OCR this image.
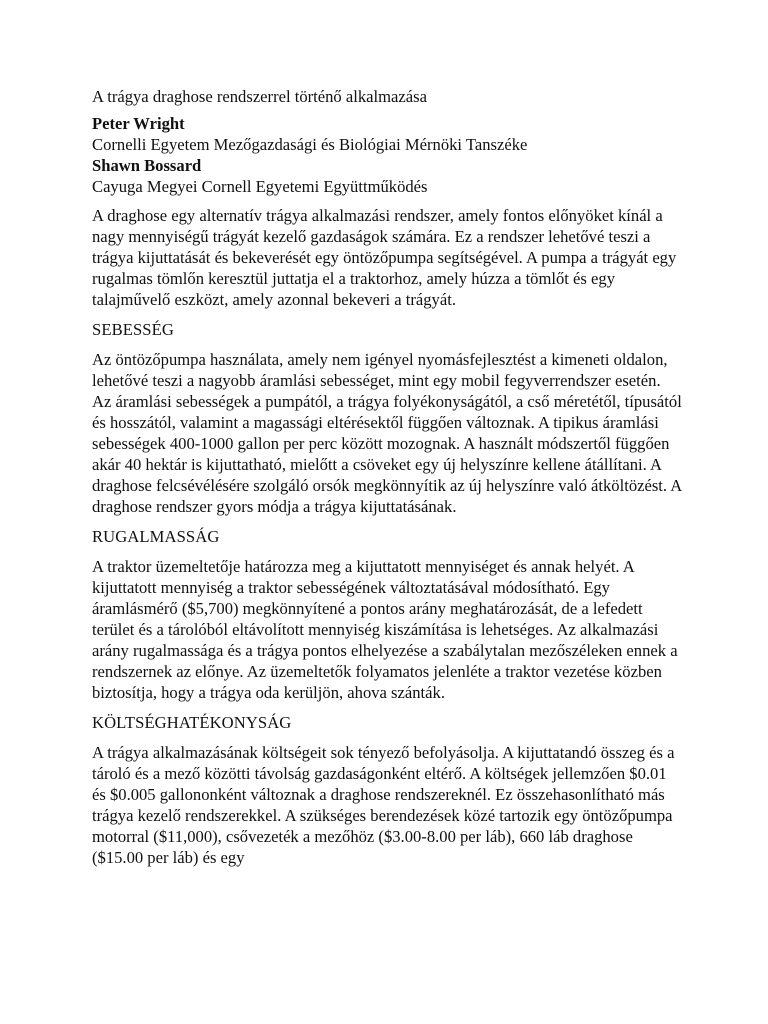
A trágya draghose rendszerrel történő alkalmazása
Peter Wright
Cornelli Egyetem Mezőgazdasági és Biológiai Mérnöki Tanszéke
Shawn Bossard
Cayuga Megyei Cornell Egyetemi Együttműködés

A draghose egy alternatív trágya alkalmazási rendszer, amely fontos előnyöket kínál a nagy mennyiségű trágyát kezelő gazdaságok számára. Ez a rendszer lehetővé teszi a trágya kijuttatását és bekeverését egy öntözőpumpa segítségével. A pumpa a trágyát egy rugalmas tömlőn keresztül juttatja el a traktorhoz, amely húzza a tömlőt és egy talajművelő eszközt, amely azonnal bekeveri a trágyát.

SEBESSÉG

Az öntözőpumpa használata, amely nem igényel nyomásfejlesztést a kimeneti oldalon, lehetővé teszi a nagyobb áramlási sebességet, mint egy mobil fegyverrendszer esetén. Az áramlási sebességek a pumpától, a trágya folyékonyságától, a cső méretétől, típusától és hosszától, valamint a magassági eltérésektől függően változnak. A tipikus áramlási sebességek 400-1000 gallon per perc között mozognak. A használt módszertől függően akár 40 hektár is kijuttatható, mielőtt a csöveket egy új helyszínre kellene átállítani. A draghose felcsévélésére szolgáló orsók megkönnyítik az új helyszínre való átköltözést. A draghose rendszer gyors módja a trágya kijuttatásának.

RUGALMASSÁG

A traktor üzemeltetője határozza meg a kijuttatott mennyiséget és annak helyét. A kijuttatott mennyiség a traktor sebességének változtatásával módosítható. Egy áramlásmérő ($5,700) megkönnyítené a pontos arány meghatározását, de a lefedett terület és a tárolóból eltávolított mennyiség kiszámítása is lehetséges. Az alkalmazási arány rugalmassága és a trágya pontos elhelyezése a szabálytalan mezőszéleken ennek a rendszernek az előnye. Az üzemeltetők folyamatos jelenléte a traktor vezetése közben biztosítja, hogy a trágya oda kerüljön, ahova szánták.

KÖLTSÉGHATÉKONYSÁG

A trágya alkalmazásának költségeit sok tényező befolyásolja. A kijuttatandó összeg és a tároló és a mező közötti távolság gazdaságonként eltérő. A költségek jellemzően $0.01 és $0.005 gallononként változnak a draghose rendszereknél. Ez összehasonlítható más trágya kezelő rendszerekkel. A szükséges berendezések közé tartozik egy öntözőpumpa motorral ($11,000), csővezeték a mezőhöz ($3.00-8.00 per láb), 660 láb draghose ($15.00 per láb) és egy
